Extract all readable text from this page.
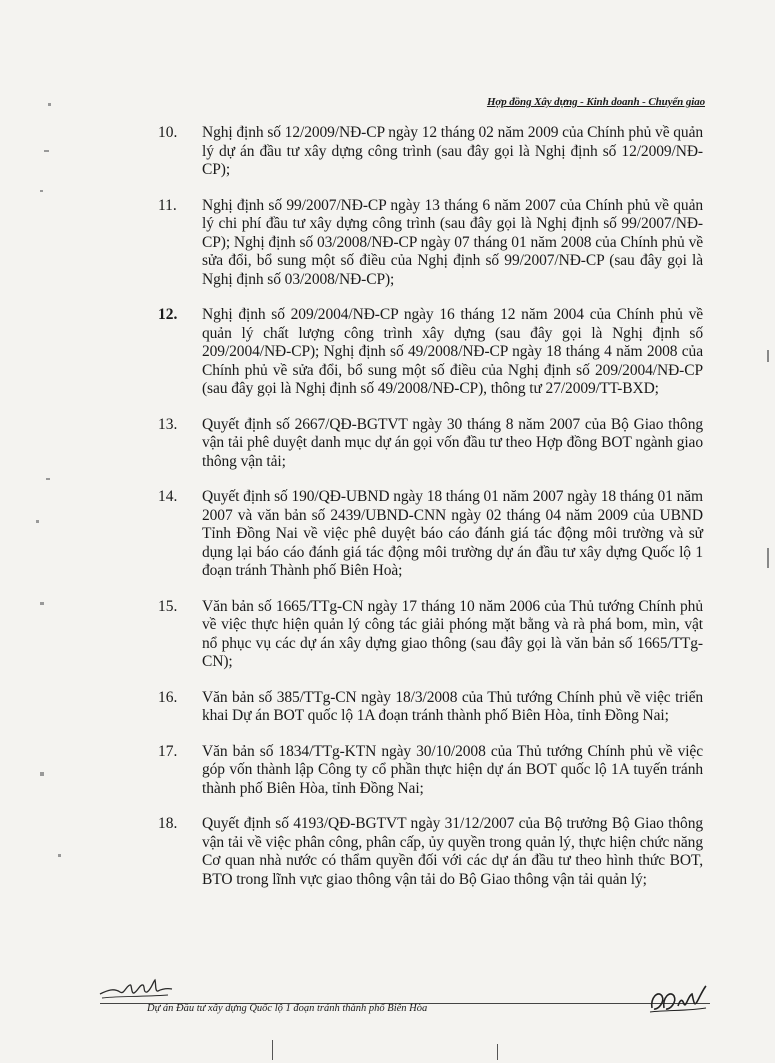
Hợp đồng Xây dựng - Kinh doanh - Chuyển giao
10.	Nghị định số 12/2009/NĐ-CP ngày 12 tháng 02 năm 2009 của Chính phủ về quản lý dự án đầu tư xây dựng công trình (sau đây gọi là Nghị định số 12/2009/NĐ-CP);
11.	Nghị định số 99/2007/NĐ-CP ngày 13 tháng 6 năm 2007 của Chính phủ về quản lý chi phí đầu tư xây dựng công trình (sau đây gọi là Nghị định số 99/2007/NĐ-CP); Nghị định số 03/2008/NĐ-CP ngày 07 tháng 01 năm 2008 của Chính phủ về sửa đổi, bổ sung một số điều của Nghị định số 99/2007/NĐ-CP (sau đây gọi là Nghị định số 03/2008/NĐ-CP);
12.	Nghị định số 209/2004/NĐ-CP ngày 16 tháng 12 năm 2004 của Chính phủ về quản lý chất lượng công trình xây dựng (sau đây gọi là Nghị định số 209/2004/NĐ-CP); Nghị định số 49/2008/NĐ-CP ngày 18 tháng 4 năm 2008 của Chính phủ về sửa đổi, bổ sung một số điều của Nghị định số 209/2004/NĐ-CP (sau đây gọi là Nghị định số 49/2008/NĐ-CP), thông tư 27/2009/TT-BXD;
13.	Quyết định số 2667/QĐ-BGTVT ngày 30 tháng 8 năm 2007 của Bộ Giao thông vận tải phê duyệt danh mục dự án gọi vốn đầu tư theo Hợp đồng BOT ngành giao thông vận tải;
14.	Quyết định số 190/QĐ-UBND ngày 18 tháng 01 năm 2007 ngày 18 tháng 01 năm 2007 và văn bản số 2439/UBND-CNN ngày 02 tháng 04 năm 2009 của UBND Tỉnh Đồng Nai về việc phê duyệt báo cáo đánh giá tác động môi trường và sử dụng lại báo cáo đánh giá tác động môi trường dự án đầu tư xây dựng Quốc lộ 1 đoạn tránh Thành phố Biên Hoà;
15.	Văn bản số 1665/TTg-CN ngày 17 tháng 10 năm 2006 của Thủ tướng Chính phủ về việc thực hiện quản lý công tác giải phóng mặt bằng và rà phá bom, mìn, vật nổ phục vụ các dự án xây dựng giao thông (sau đây gọi là văn bản số 1665/TTg-CN);
16.	Văn bản số 385/TTg-CN ngày 18/3/2008 của Thủ tướng Chính phủ về việc triển khai Dự án BOT quốc lộ 1A đoạn tránh thành phố Biên Hòa, tỉnh Đồng Nai;
17.	Văn bản số 1834/TTg-KTN ngày 30/10/2008 của Thủ tướng Chính phủ về việc góp vốn thành lập Công ty cổ phần thực hiện dự án BOT quốc lộ 1A tuyến tránh thành phố Biên Hòa, tỉnh Đồng Nai;
18.	Quyết định số 4193/QĐ-BGTVT ngày 31/12/2007 của Bộ trưởng Bộ Giao thông vận tải về việc phân công, phân cấp, ủy quyền trong quản lý, thực hiện chức năng Cơ quan nhà nước có thẩm quyền đối với các dự án đầu tư theo hình thức BOT, BTO trong lĩnh vực giao thông vận tải do Bộ Giao thông vận tải quản lý;
Dự án Đầu tư xây dựng Quốc lộ 1 đoạn tránh thành phố Biên Hòa
